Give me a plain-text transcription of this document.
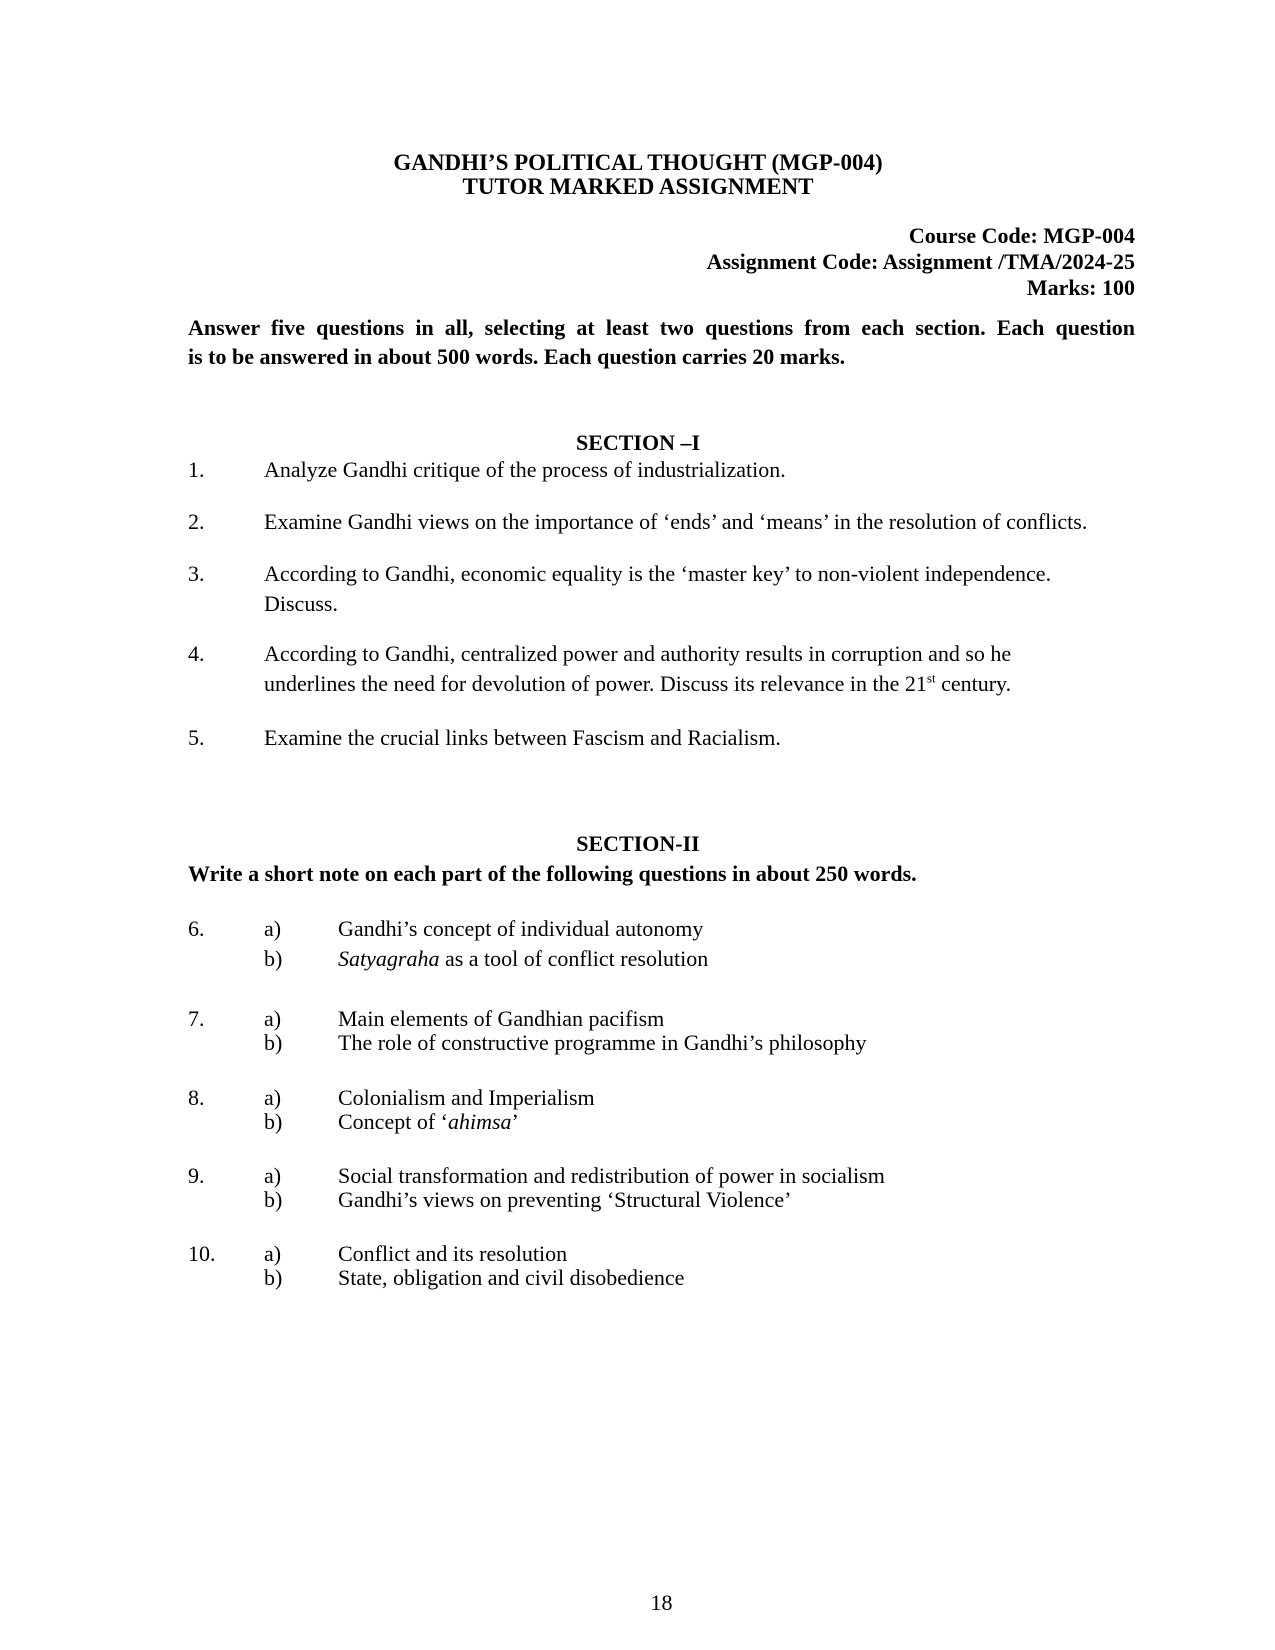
GANDHI’S POLITICAL THOUGHT (MGP-004)
TUTOR MARKED ASSIGNMENT
Course Code: MGP-004
Assignment Code: Assignment /TMA/2024-25
Marks: 100
Answer five questions in all, selecting at least two questions from each section. Each question
is to be answered in about 500 words. Each question carries 20 marks.
SECTION –I
1.	Analyze Gandhi critique of the process of industrialization.
2.	Examine Gandhi views on the importance of ‘ends’ and ‘means’ in the resolution of conflicts.
3.	According to Gandhi, economic equality is the ‘master key’ to non-violent independence.
Discuss.
4.	According to Gandhi, centralized power and authority results in corruption and so he
underlines the need for devolution of power. Discuss its relevance in the 21st century.
5.	Examine the crucial links between Fascism and Racialism.
SECTION-II
Write a short note on each part of the following questions in about 250 words.
6.	a)	Gandhi’s concept of individual autonomy
b)	Satyagraha as a tool of conflict resolution
7.	a)	Main elements of Gandhian pacifism
b)	The role of constructive programme in Gandhi’s philosophy
8.	a)	Colonialism and Imperialism
b)	Concept of ‘ahimsa’
9.	a)	Social transformation and redistribution of power in socialism
b)	Gandhi’s views on preventing ‘Structural Violence’
10.	a)	Conflict and its resolution
b)	State, obligation and civil disobedience
18
